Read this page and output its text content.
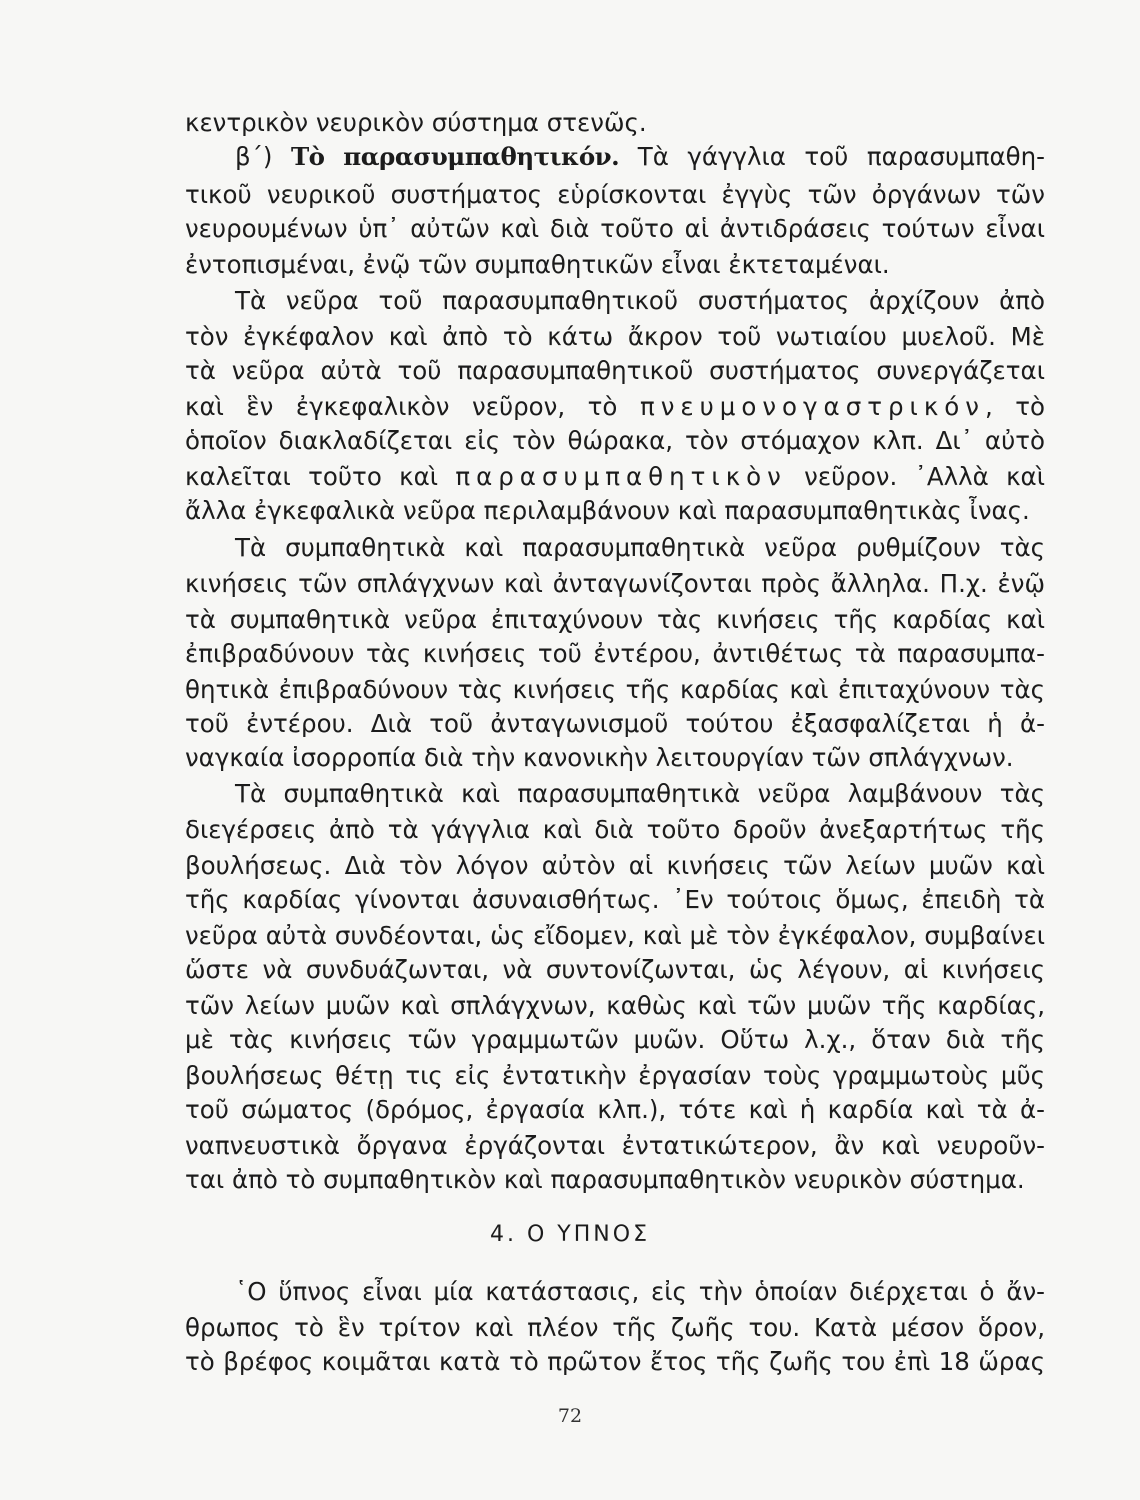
κεντρικὸν νευρικὸν σύστημα στενῶς.
β΄) Τὸ παρασυμπαθητικόν. Τὰ γάγγλια τοῦ παρασυμπαθη-
τικοῦ νευρικοῦ συστήματος εὑρίσκονται ἐγγὺς τῶν ὀργάνων τῶν
νευρουμένων ὑπ᾽ αὐτῶν καὶ διὰ τοῦτο αἱ ἀντιδράσεις τούτων εἶναι
ἐντοπισμέναι, ἐνῷ τῶν συμπαθητικῶν εἶναι ἐκτεταμέναι.
Τὰ νεῦρα τοῦ παρασυμπαθητικοῦ συστήματος ἀρχίζουν ἀπὸ
τὸν ἐγκέφαλον καὶ ἀπὸ τὸ κάτω ἄκρον τοῦ νωτιαίου μυελοῦ. Μὲ
τὰ νεῦρα αὐτὰ τοῦ παρασυμπαθητικοῦ συστήματος συνεργάζεται
καὶ ἓν ἐγκεφαλικὸν νεῦρον, τὸ πνευμονογαστρικόν, τὸ
ὁποῖον διακλαδίζεται εἰς τὸν θώρακα, τὸν στόμαχον κλπ. Δι᾽ αὐτὸ
καλεῖται τοῦτο καὶ παρασυμπαθητικὸν νεῦρον. ᾽Αλλὰ καὶ
ἄλλα ἐγκεφαλικὰ νεῦρα περιλαμβάνουν καὶ παρασυμπαθητικὰς ἶνας.
Τὰ συμπαθητικὰ καὶ παρασυμπαθητικὰ νεῦρα ρυθμίζουν τὰς
κινήσεις τῶν σπλάγχνων καὶ ἀνταγωνίζονται πρὸς ἄλληλα. Π.χ. ἐνῷ
τὰ συμπαθητικὰ νεῦρα ἐπιταχύνουν τὰς κινήσεις τῆς καρδίας καὶ
ἐπιβραδύνουν τὰς κινήσεις τοῦ ἐντέρου, ἀντιθέτως τὰ παρασυμπα-
θητικὰ ἐπιβραδύνουν τὰς κινήσεις τῆς καρδίας καὶ ἐπιταχύνουν τὰς
τοῦ ἐντέρου. Διὰ τοῦ ἀνταγωνισμοῦ τούτου ἐξασφαλίζεται ἡ ἀ-
ναγκαία ἰσορροπία διὰ τὴν κανονικὴν λειτουργίαν τῶν σπλάγχνων.
Τὰ συμπαθητικὰ καὶ παρασυμπαθητικὰ νεῦρα λαμβάνουν τὰς
διεγέρσεις ἀπὸ τὰ γάγγλια καὶ διὰ τοῦτο δροῦν ἀνεξαρτήτως τῆς
βουλήσεως. Διὰ τὸν λόγον αὐτὸν αἱ κινήσεις τῶν λείων μυῶν καὶ
τῆς καρδίας γίνονται ἀσυναισθήτως. ᾽Εν τούτοις ὅμως, ἐπειδὴ τὰ
νεῦρα αὐτὰ συνδέονται, ὡς εἴδομεν, καὶ μὲ τὸν ἐγκέφαλον, συμβαίνει
ὥστε νὰ συνδυάζωνται, νὰ συντονίζωνται, ὡς λέγουν, αἱ κινήσεις
τῶν λείων μυῶν καὶ σπλάγχνων, καθὼς καὶ τῶν μυῶν τῆς καρδίας,
μὲ τὰς κινήσεις τῶν γραμμωτῶν μυῶν. Οὕτω λ.χ., ὅταν διὰ τῆς
βουλήσεως θέτῃ τις εἰς ἐντατικὴν ἐργασίαν τοὺς γραμμωτοὺς μῦς
τοῦ σώματος (δρόμος, ἐργασία κλπ.), τότε καὶ ἡ καρδία καὶ τὰ ἀ-
ναπνευστικὰ ὄργανα ἐργάζονται ἐντατικώτερον, ἂν καὶ νευροῦν-
ται ἀπὸ τὸ συμπαθητικὸν καὶ παρασυμπαθητικὸν νευρικὸν σύστημα.
῾Ο ὕπνος εἶναι μία κατάστασις, εἰς τὴν ὁποίαν διέρχεται ὁ ἄν-
θρωπος τὸ ἓν τρίτον καὶ πλέον τῆς ζωῆς του. Κατὰ μέσον ὅρον,
τὸ βρέφος κοιμᾶται κατὰ τὸ πρῶτον ἔτος τῆς ζωῆς του ἐπὶ 18 ὥρας
4. Ο ΥΠΝΟΣ
72
